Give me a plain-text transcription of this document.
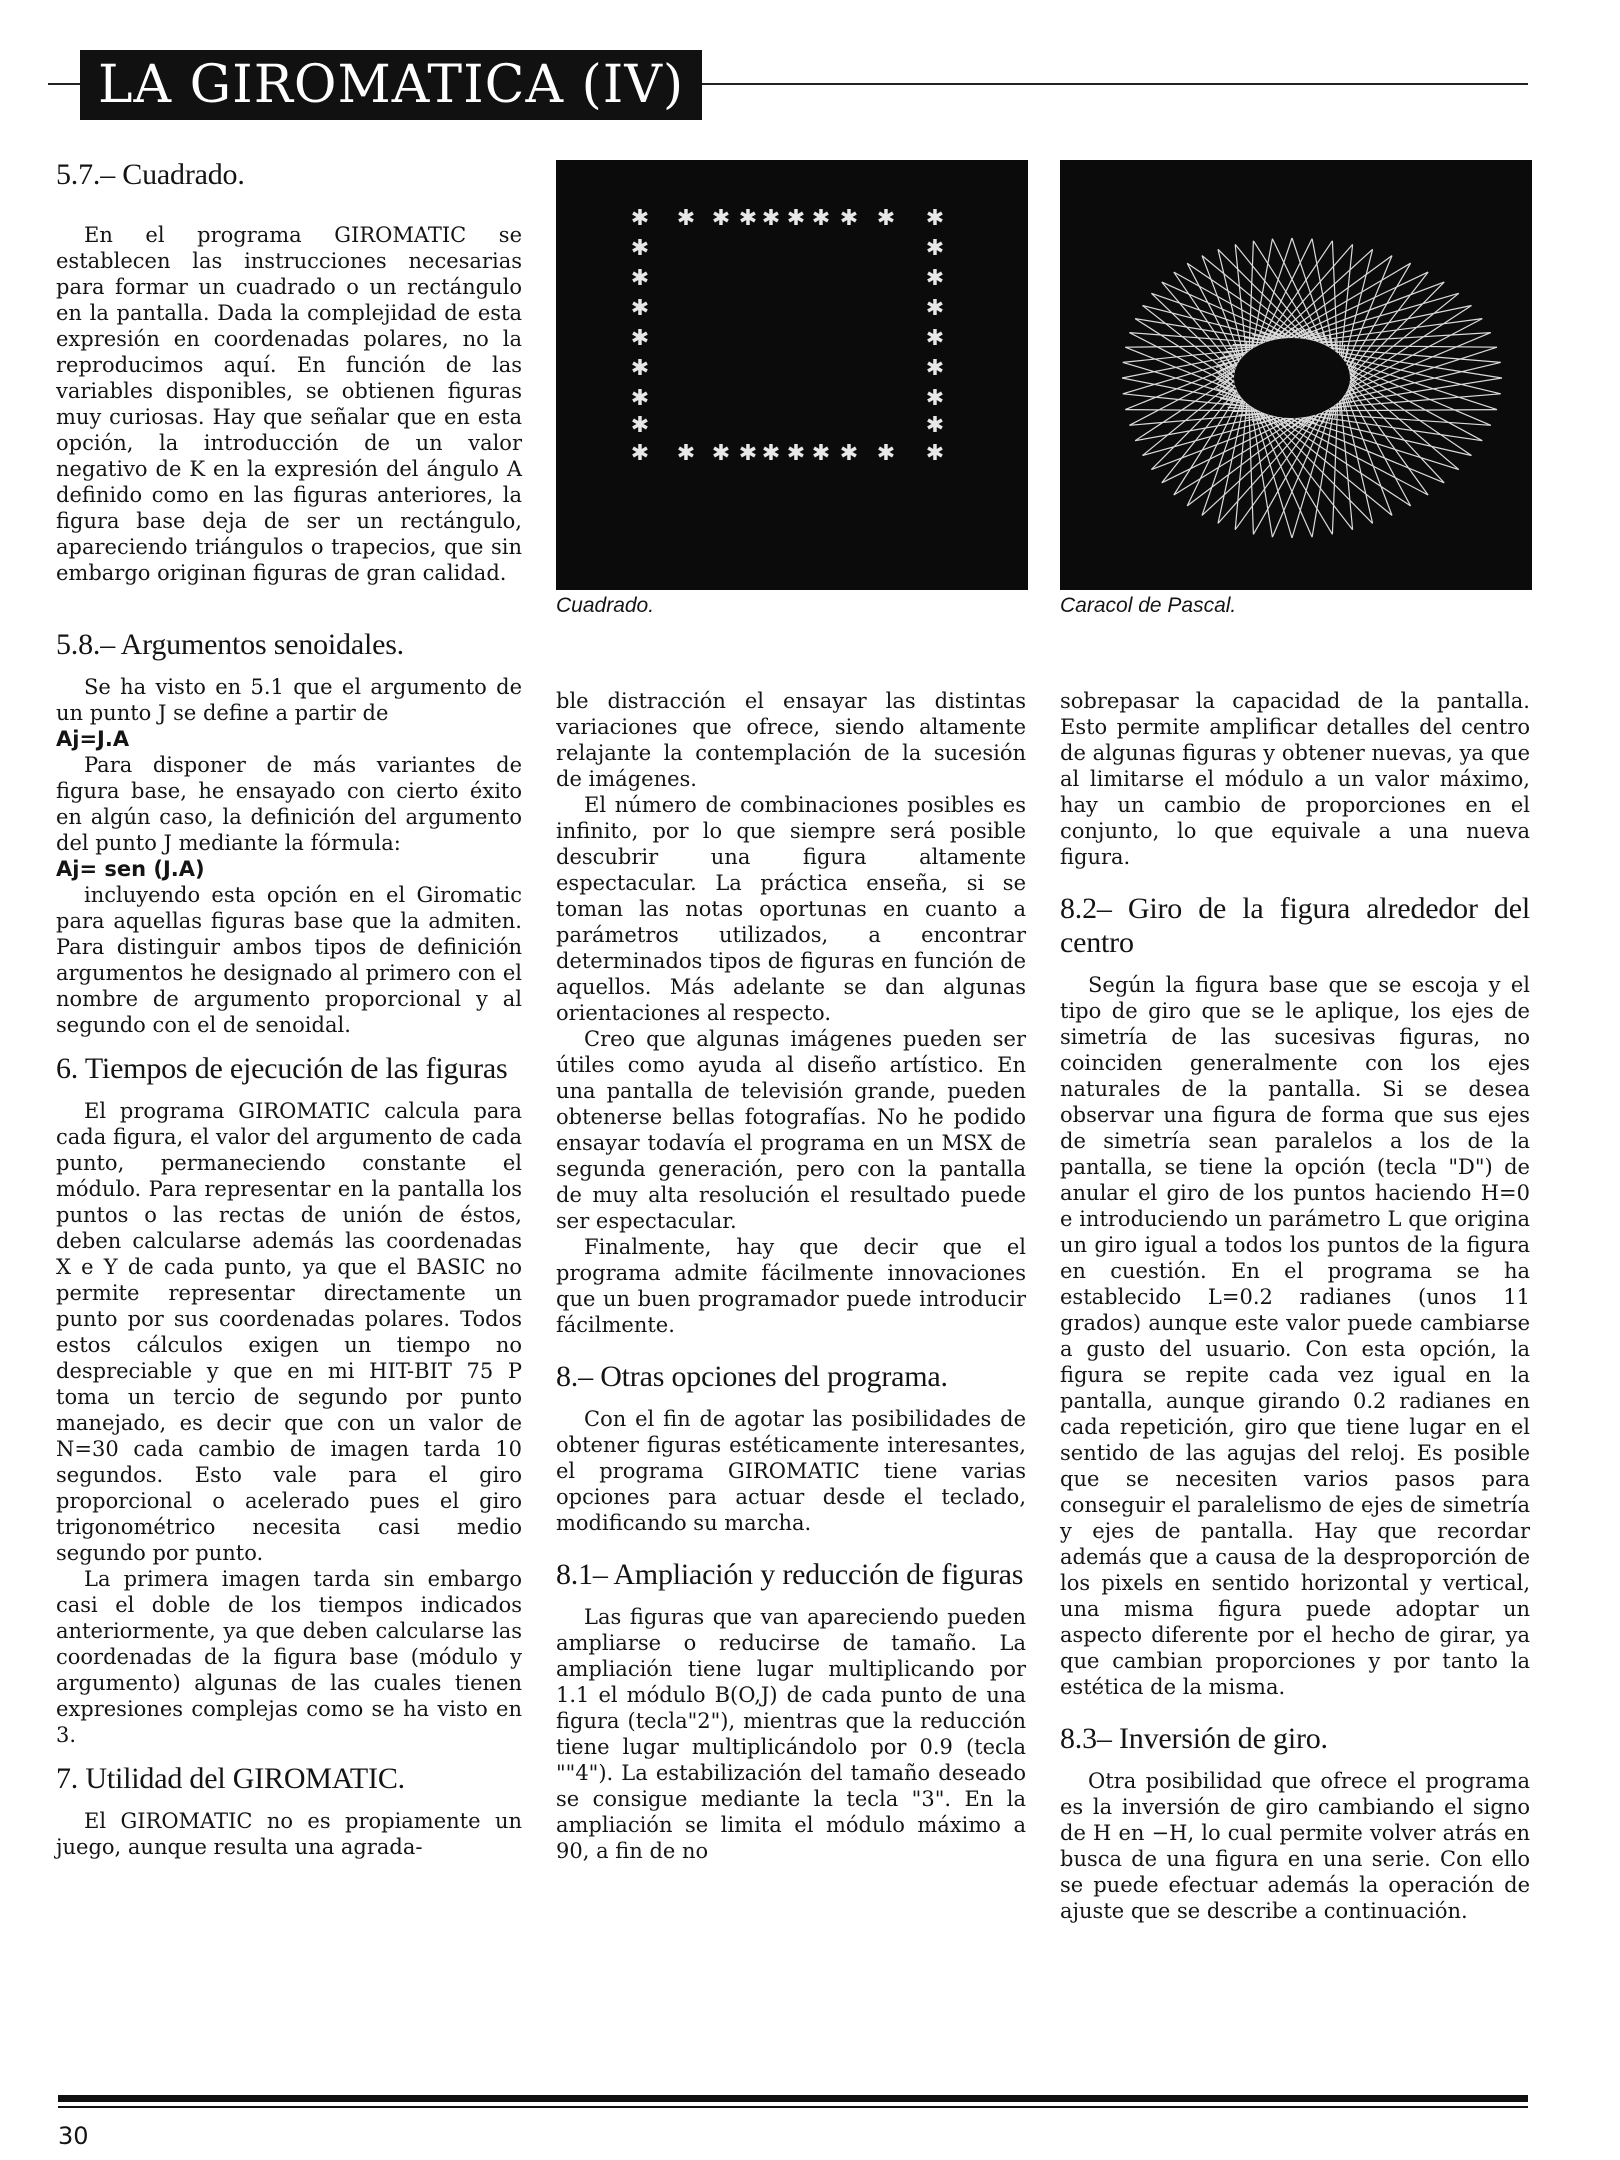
LA GIROMATICA (IV)
5.7.– Cuadrado.

En el programa GIROMATIC se establecen las instrucciones necesarias para formar un cuadrado o un rectángulo en la pantalla. Dada la complejidad de esta expresión en coordenadas polares, no la reproducimos aquí. En función de las variables disponibles, se obtienen figuras muy curiosas. Hay que señalar que en esta opción, la introducción de un valor negativo de K en la expresión del ángulo A definido como en las figuras anteriores, la figura base deja de ser un rectángulo, apareciendo triángulos o trapecios, que sin embargo originan figuras de gran calidad.

5.8.– Argumentos senoidales.

Se ha visto en 5.1 que el argumento de un punto J se define a partir de

Aj=J.A

Para disponer de más variantes de figura base, he ensayado con cierto éxito en algún caso, la definición del argumento del punto J mediante la fórmula:

Aj= sen (J.A)

incluyendo esta opción en el Giromatic para aquellas figuras base que la admiten. Para distinguir ambos tipos de definición argumentos he designado al primero con el nombre de argumento proporcional y al segundo con el de senoidal.

6. Tiempos de ejecución de las figuras

El programa GIROMATIC calcula para cada figura, el valor del argumento de cada punto, permaneciendo constante el módulo. Para representar en la pantalla los puntos o las rectas de unión de éstos, deben calcularse además las coordenadas X e Y de cada punto, ya que el BASIC no permite representar directamente un punto por sus coordenadas polares. Todos estos cálculos exigen un tiempo no despreciable y que en mi HIT-BIT 75 P toma un tercio de segundo por punto manejado, es decir que con un valor de N=30 cada cambio de imagen tarda 10 segundos. Esto vale para el giro proporcional o acelerado pues el giro trigonométrico necesita casi medio segundo por punto.

La primera imagen tarda sin embargo casi el doble de los tiempos indicados anteriormente, ya que deben calcularse las coordenadas de la figura base (módulo y argumento) algunas de las cuales tienen expresiones complejas como se ha visto en 3.

7. Utilidad del GIROMATIC.

El GIROMATIC no es propiamente un juego, aunque resulta una agrada-

✱
✱
✱
✱
✱
✱
✱
✱
✱
✱
✱
✱
✱
✱
✱
✱
✱
✱
✱
✱
✱	✱
✱	✱
✱	✱
✱	✱
✱	✱
✱	✱
✱	✱
Cuadrado.	Caracol de Pascal.

ble distracción el ensayar las distintas variaciones que ofrece, siendo altamente relajante la contemplación de la sucesión de imágenes.

El número de combinaciones posibles es infinito, por lo que siempre será posible descubrir una figura altamente espectacular. La práctica enseña, si se toman las notas oportunas en cuanto a parámetros utilizados, a encontrar determinados tipos de figuras en función de aquellos. Más adelante se dan algunas orientaciones al respecto.

Creo que algunas imágenes pueden ser útiles como ayuda al diseño artístico. En una pantalla de televisión grande, pueden obtenerse bellas fotografías. No he podido ensayar todavía el programa en un MSX de segunda generación, pero con la pantalla de muy alta resolución el resultado puede ser espectacular.

Finalmente, hay que decir que el programa admite fácilmente innovaciones que un buen programador puede introducir fácilmente.

8.– Otras opciones del programa.

Con el fin de agotar las posibilidades de obtener figuras estéticamente interesantes, el programa GIROMATIC tiene varias opciones para actuar desde el teclado, modificando su marcha.

8.1– Ampliación y reducción de figuras

Las figuras que van apareciendo pueden ampliarse o reducirse de tamaño. La ampliación tiene lugar multiplicando por 1.1 el módulo B(O,J) de cada punto de una figura (tecla"2"), mientras que la reducción tiene lugar multiplicándolo por 0.9 (tecla ""4"). La estabilización del tamaño deseado se consigue mediante la tecla "3". En la ampliación se limita el módulo máximo a 90, a fin de no

sobrepasar la capacidad de la pantalla. Esto permite amplificar detalles del centro de algunas figuras y obtener nuevas, ya que al limitarse el módulo a un valor máximo, hay un cambio de proporciones en el conjunto, lo que equivale a una nueva figura.

8.2– Giro de la figura alrededor del centro

Según la figura base que se escoja y el tipo de giro que se le aplique, los ejes de simetría de las sucesivas figuras, no coinciden generalmente con los ejes naturales de la pantalla. Si se desea observar una figura de forma que sus ejes de simetría sean paralelos a los de la pantalla, se tiene la opción (tecla "D") de anular el giro de los puntos haciendo H=0 e introduciendo un parámetro L que origina un giro igual a todos los puntos de la figura en cuestión. En el programa se ha establecido L=0.2 radianes (unos 11 grados) aunque este valor puede cambiarse a gusto del usuario. Con esta opción, la figura se repite cada vez igual en la pantalla, aunque girando 0.2 radianes en cada repetición, giro que tiene lugar en el sentido de las agujas del reloj. Es posible que se necesiten varios pasos para conseguir el paralelismo de ejes de simetría y ejes de pantalla. Hay que recordar además que a causa de la desproporción de los pixels en sentido horizontal y vertical, una misma figura puede adoptar un aspecto diferente por el hecho de girar, ya que cambian proporciones y por tanto la estética de la misma.

8.3– Inversión de giro.

Otra posibilidad que ofrece el programa es la inversión de giro cambiando el signo de H en −H, lo cual permite volver atrás en busca de una figura en una serie. Con ello se puede efectuar además la operación de ajuste que se describe a continuación.

30
